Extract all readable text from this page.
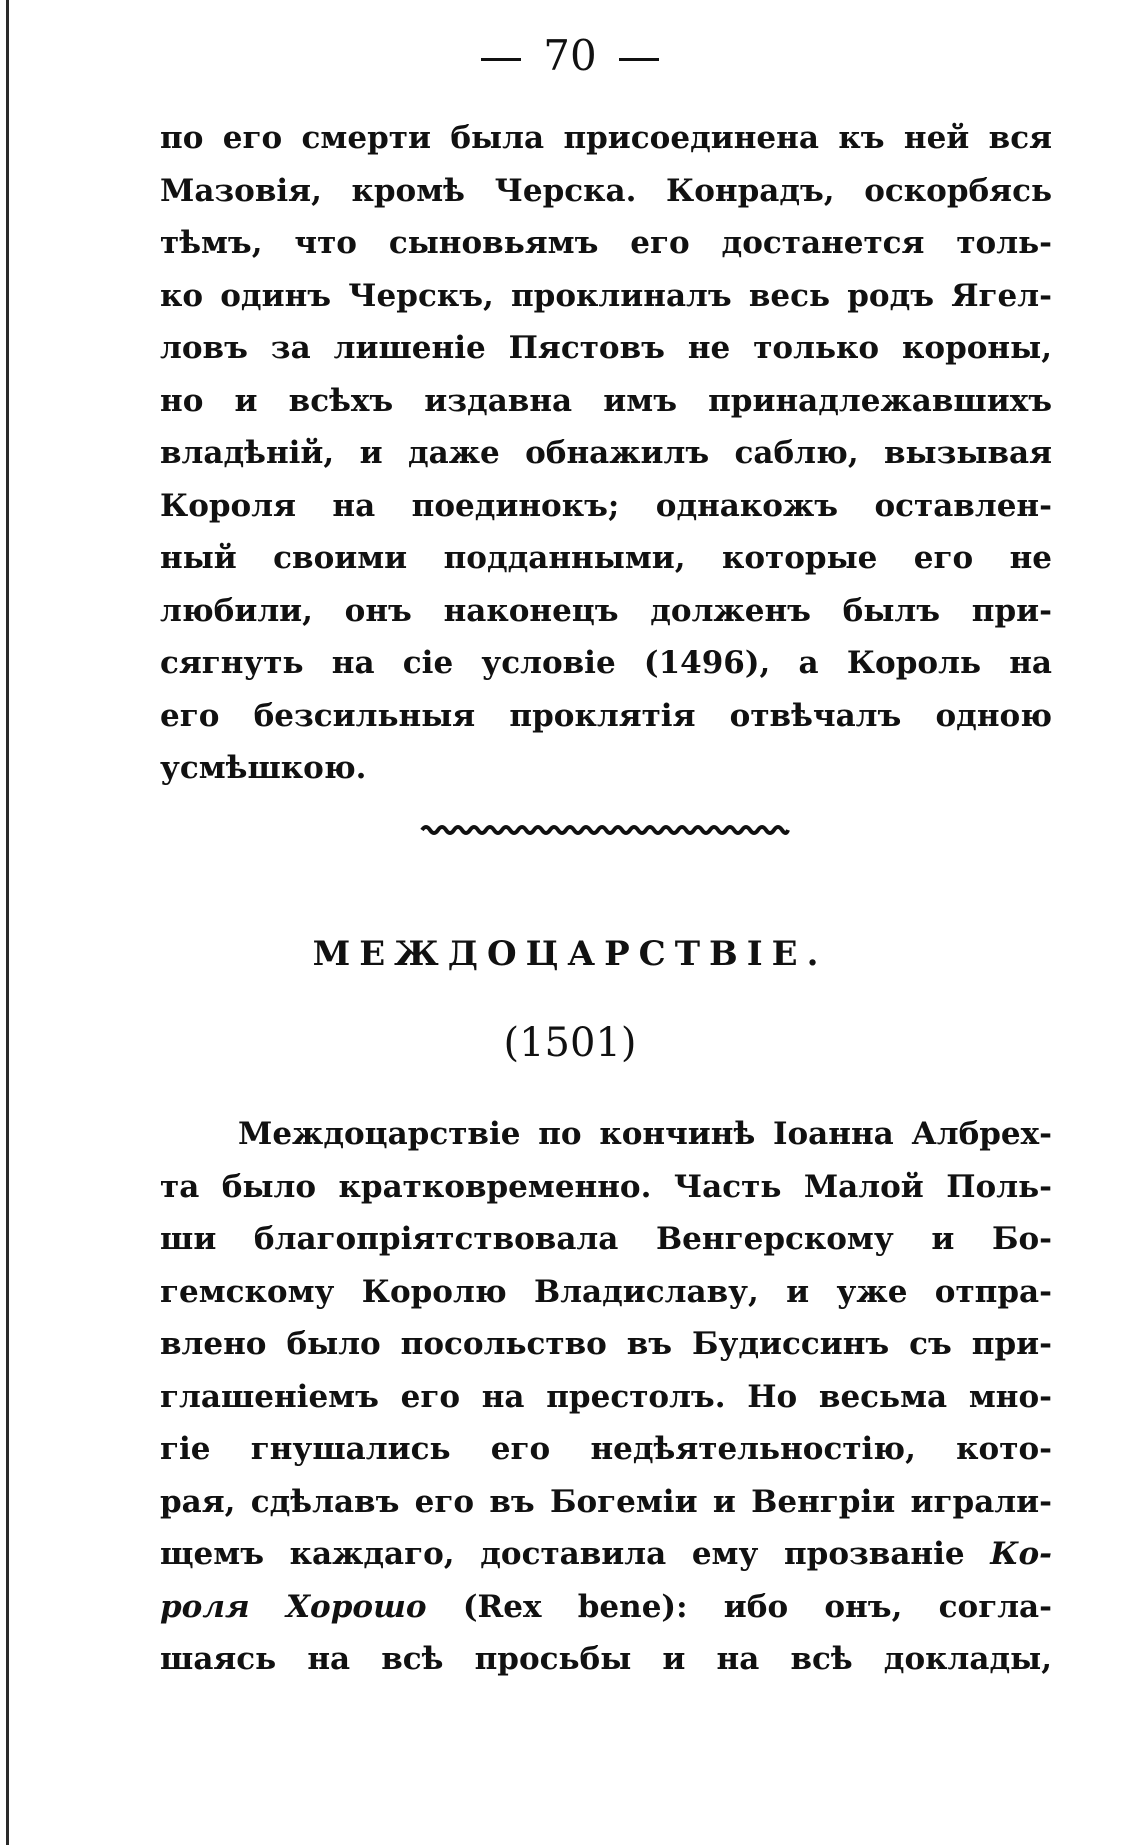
70
по его смерти была присоединена къ ней вся
Мазовія, кромѣ Черска. Конрадъ, оскорбясь
тѣмъ, что сыновьямъ его достанется толь-
ко одинъ Черскъ, проклиналъ весь родъ Ягел-
ловъ за лишеніе Пястовъ не только короны,
но и всѣхъ издавна имъ принадлежавшихъ
владѣній, и даже обнажилъ саблю, вызывая
Короля на поединокъ; однакожъ оставлен-
ный своими подданными, которые его не
любили, онъ наконецъ долженъ былъ при-
сягнуть на сіе условіе (1496), а Король на
его безсильныя проклятія отвѣчалъ одною
усмѣшкою.
МЕЖДОЦАРСТВІЕ.
(1501)
Междоцарствіе по кончинѣ Іоанна Албрех-
та было кратковременно. Часть Малой Поль-
ши благопріятствовала Венгерскому и Бо-
гемскому Королю Владиславу, и уже отпра-
влено было посольство въ Будиссинъ съ при-
глашеніемъ его на престолъ. Но весьма мно-
гіе гнушались его недѣятельностію, кото-
рая, сдѣлавъ его въ Богеміи и Венгріи играли-
щемъ каждаго, доставила ему прозваніе Ко-
роля Хорошо (Rex bene): ибо онъ, согла-
шаясь на всѣ просьбы и на всѣ доклады,
